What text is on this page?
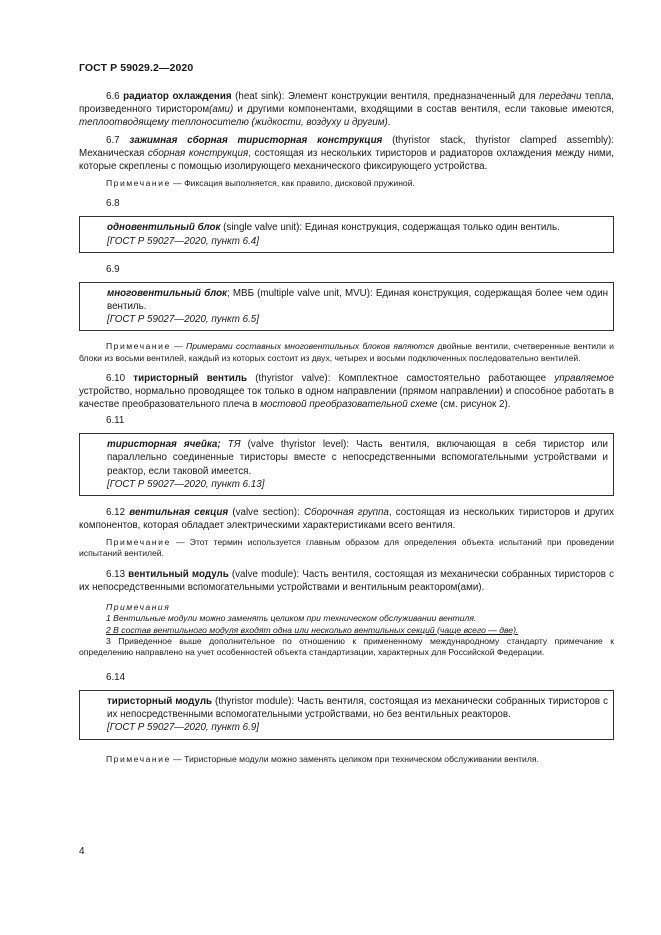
ГОСТ Р 59029.2—2020

6.6 радиатор охлаждения (heat sink): Элемент конструкции вентиля, предназначенный для передачи тепла, произведенного тиристором(ами) и другими компонентами, входящими в состав вентиля, если таковые имеются, теплоотводящему теплоносителю (жидкости, воздуху и другим).

6.7 зажимная сборная тиристорная конструкция (thyristor stack, thyristor clamped assembly): Механическая сборная конструкция, состоящая из нескольких тиристоров и радиаторов охлаждения между ними, которые скреплены с помощью изолирующего механического фиксирующего устройства.

Примечание — Фиксация выполняется, как правило, дисковой пружиной.

6.8

одновентильный блок (single valve unit): Единая конструкция, содержащая только один вентиль.
[ГОСТ Р 59027—2020, пункт 6.4]

6.9

многовентильный блок; МВБ (multiple valve unit, MVU): Единая конструкция, содержащая более чем один вентиль.
[ГОСТ Р 59027—2020, пункт 6.5]

Примечание — Примерами составных многовентильных блоков являются двойные вентили, счетверенные вентили и блоки из восьми вентилей, каждый из которых состоит из двух, четырех и восьми подключенных последовательно вентилей.

6.10 тиристорный вентиль (thyristor valve): Комплектное самостоятельно работающее управляемое устройство, нормально проводящее ток только в одном направлении (прямом направлении) и способное работать в качестве преобразовательного плеча в мостовой преобразовательной схеме (см. рисунок 2).

6.11

тиристорная ячейка; ТЯ (valve thyristor level): Часть вентиля, включающая в себя тиристор или параллельно соединенные тиристоры вместе с непосредственными вспомогательными устройствами и реактор, если таковой имеется.
[ГОСТ Р 59027—2020, пункт 6.13]

6.12 вентильная секция (valve section): Сборочная группа, состоящая из нескольких тиристоров и других компонентов, которая обладает электрическими характеристиками всего вентиля.

Примечание — Этот термин используется главным образом для определения объекта испытаний при проведении испытаний вентилей.

6.13 вентильный модуль (valve module): Часть вентиля, состоящая из механически собранных тиристоров с их непосредственными вспомогательными устройствами и вентильным реактором(ами).

Примечания

1 Вентильные модули можно заменять целиком при техническом обслуживании вентиля.

2 В состав вентильного модуля входят одна или несколько вентильных секций (чаще всего — две).

3 Приведенное выше дополнительное по отношению к примененному международному стандарту примечание к определению направлено на учет особенностей объекта стандартизации, характерных для Российской Федерации.

6.14

тиристорный модуль (thyristor module): Часть вентиля, состоящая из механически собранных тиристоров с их непосредственными вспомогательными устройствами, но без вентильных реакторов.
[ГОСТ Р 59027—2020, пункт 6.9]

Примечание — Тиристорные модули можно заменять целиком при техническом обслуживании вентиля.

4
